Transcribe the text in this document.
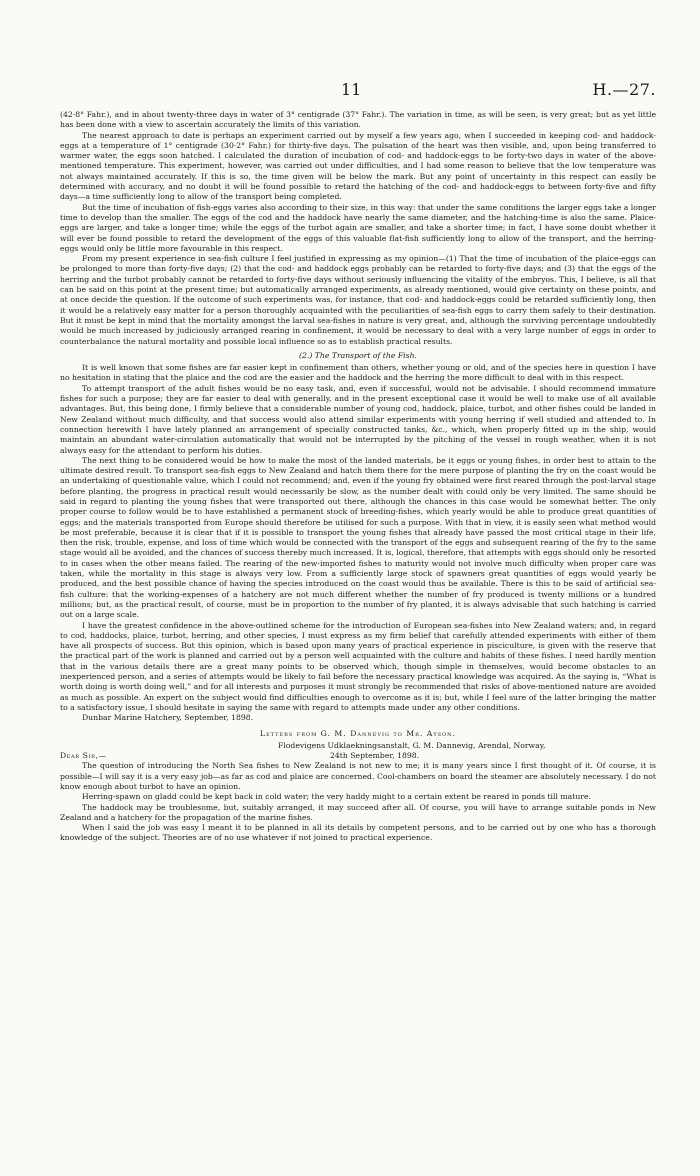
11	H.—27.

(42·8° Fahr.), and in about twenty-three days in water of 3° centigrade (37° Fahr.). The variation in time, as will be seen, is very great; but as yet little has been done with a view to ascertain accurately the limits of this variation.

The nearest approach to date is perhaps an experiment carried out by myself a few years ago, when I succeeded in keeping cod- and haddock-eggs at a temperature of 1° centigrade (30·2° Fahr.) for thirty-five days. The pulsation of the heart was then visible, and, upon being transferred to warmer water, the eggs soon hatched. I calculated the duration of incubation of cod- and haddock-eggs to be forty-two days in water of the above-mentioned temperature. This experiment, however, was carried out under difficulties, and I had some reason to believe that the low temperature was not always maintained accurately. If this is so, the time given will be below the mark. But any point of uncertainty in this respect can easily be determined with accuracy, and no doubt it will be found possible to retard the hatching of the cod- and haddock-eggs to between forty-five and fifty days—a time sufficiently long to allow of the transport being completed.

But the time of incubation of fish-eggs varies also according to their size, in this way: that under the same conditions the larger eggs take a longer time to develop than the smaller. The eggs of the cod and the haddock have nearly the same diameter, and the hatching-time is also the same. Plaice-eggs are larger, and take a longer time; while the eggs of the turbot again are smaller, and take a shorter time; in fact, I have some doubt whether it will ever be found possible to retard the development of the eggs of this valuable flat-fish sufficiently long to allow of the transport, and the herring-eggs would only be little more favourable in this respect.

From my present experience in sea-fish culture I feel justified in expressing as my opinion—(1) That the time of incubation of the plaice-eggs can be prolonged to more than forty-five days; (2) that the cod- and haddock eggs probably can be retarded to forty-five days; and (3) that the eggs of the herring and the turbot probably cannot be retarded to forty-five days without seriously influencing the vitality of the embryos. This, I believe, is all that can be said on this point at the present time; but automatically arranged experiments, as already mentioned, would give certainty on these points, and at once decide the question. If the outcome of such experiments was, for instance, that cod- and haddock-eggs could be retarded sufficiently long, then it would be a relatively easy matter for a person thoroughly acquainted with the peculiarities of sea-fish eggs to carry them safely to their destination. But it must be kept in mind that the mortality amongst the larval sea-fishes in nature is very great, and, although the surviving percentage undoubtedly would be much increased by judiciously arranged rearing in confinement, it would be necessary to deal with a very large number of eggs in order to counterbalance the natural mortality and possible local influence so as to establish practical results.

(2.) The Transport of the Fish.

It is well known that some fishes are far easier kept in confinement than others, whether young or old, and of the species here in question I have no hesitation in stating that the plaice and the cod are the easier and the haddock and the herring the more difficult to deal with in this respect.

To attempt transport of the adult fishes would be no easy task, and, even if successful, would not be advisable. I should recommend immature fishes for such a purpose; they are far easier to deal with generally, and in the present exceptional case it would be well to make use of all available advantages. But, this being done, I firmly believe that a considerable number of young cod, haddock, plaice, turbot, and other fishes could be landed in New Zealand without much difficulty, and that success would also attend similar experiments with young herring if well studied and attended to. In connection herewith I have lately planned an arrangement of specially constructed tanks, &c., which, when properly fitted up in the ship, would maintain an abundant water-circulation automatically that would not be interrupted by the pitching of the vessel in rough weather, when it is not always easy for the attendant to perform his duties.

The next thing to be considered would be how to make the most of the landed materials, be it eggs or young fishes, in order best to attain to the ultimate desired result. To transport sea-fish eggs to New Zealand and hatch them there for the mere purpose of planting the fry on the coast would be an undertaking of questionable value, which I could not recommend; and, even if the young fry obtained were first reared through the post-larval stage before planting, the progress in practical result would necessarily be slow, as the number dealt with could only be very limited. The same should be said in regard to planting the young fishes that were transported out there, although the chances in this case would be somewhat better. The only proper course to follow would be to have established a permanent stock of breeding-fishes, which yearly would be able to produce great quantities of eggs; and the materials transported from Europe should therefore be utilised for such a purpose. With that in view, it is easily seen what method would be most preferable, because it is clear that if it is possible to transport the young fishes that already have passed the most critical stage in their life, then the risk, trouble, expense, and loss of time which would be connected with the transport of the eggs and subsequent rearing of the fry to the same stage would all be avoided, and the chances of success thereby much increased. It is, logical, therefore, that attempts with eggs should only be resorted to in cases when the other means failed. The rearing of the new-imported fishes to maturity would not involve much difficulty when proper care was taken, while the mortality in this stage is always very low. From a sufficiently large stock of spawners great quantities of eggs would yearly be produced, and the best possible chance of having the species introduced on the coast would thus be available. There is this to be said of artificial sea-fish culture: that the working-expenses of a hatchery are not much different whether the number of fry produced is twenty millions or a hundred millions; but, as the practical result, of course, must be in proportion to the number of fry planted, it is always advisable that such hatching is carried out on a large scale.

I have the greatest confidence in the above-outlined scheme for the introduction of European sea-fishes into New Zealand waters; and, in regard to cod, haddocks, plaice, turbot, herring, and other species, I must express as my firm belief that carefully attended experiments with either of them have all prospects of success. But this opinion, which is based upon many years of practical experience in pisciculture, is given with the reserve that the practical part of the work is planned and carried out by a person well acquainted with the culture and habits of these fishes. I need hardly mention that in the various details there are a great many points to be observed which, though simple in themselves, would become obstacles to an inexperienced person, and a series of attempts would be likely to fail before the necessary practical knowledge was acquired. As the saying is, “What is worth doing is worth doing well,” and for all interests and purposes it must strongly be recommended that risks of above-mentioned nature are avoided as much as possible. An expert on the subject would find difficulties enough to overcome as it is; but, while I feel sure of the latter bringing the matter to a satisfactory issue, I should hesitate in saying the same with regard to attempts made under any other conditions.

Dunbar Marine Hatchery, September, 1898.

Letters from G. M. Dannevig to Mr. Ayson.

Flodevigens Udklaekningsanstalt, G. M. Dannevig, Arendal, Norway,

Dear Sir,—	24th September, 1898.

The question of introducing the North Sea fishes to New Zealand is not new to me; it is many years since I first thought of it. Of course, it is possible—I will say it is a very easy job—as far as cod and plaice are concerned. Cool-chambers on board the steamer are absolutely necessary. I do not know enough about turbot to have an opinion.

Herring-spawn on gladd could be kept back in cold water; the very haddy might to a certain extent be reared in ponds till mature.

The haddock may be troublesome, but, suitably arranged, it may succeed after all. Of course, you will have to arrange suitable ponds in New Zealand and a hatchery for the propagation of the marine fishes.

When I said the job was easy I meant it to be planned in all its details by competent persons, and to be carried out by one who has a thorough knowledge of the subject. Theories are of no use whatever if not joined to practical experience.
